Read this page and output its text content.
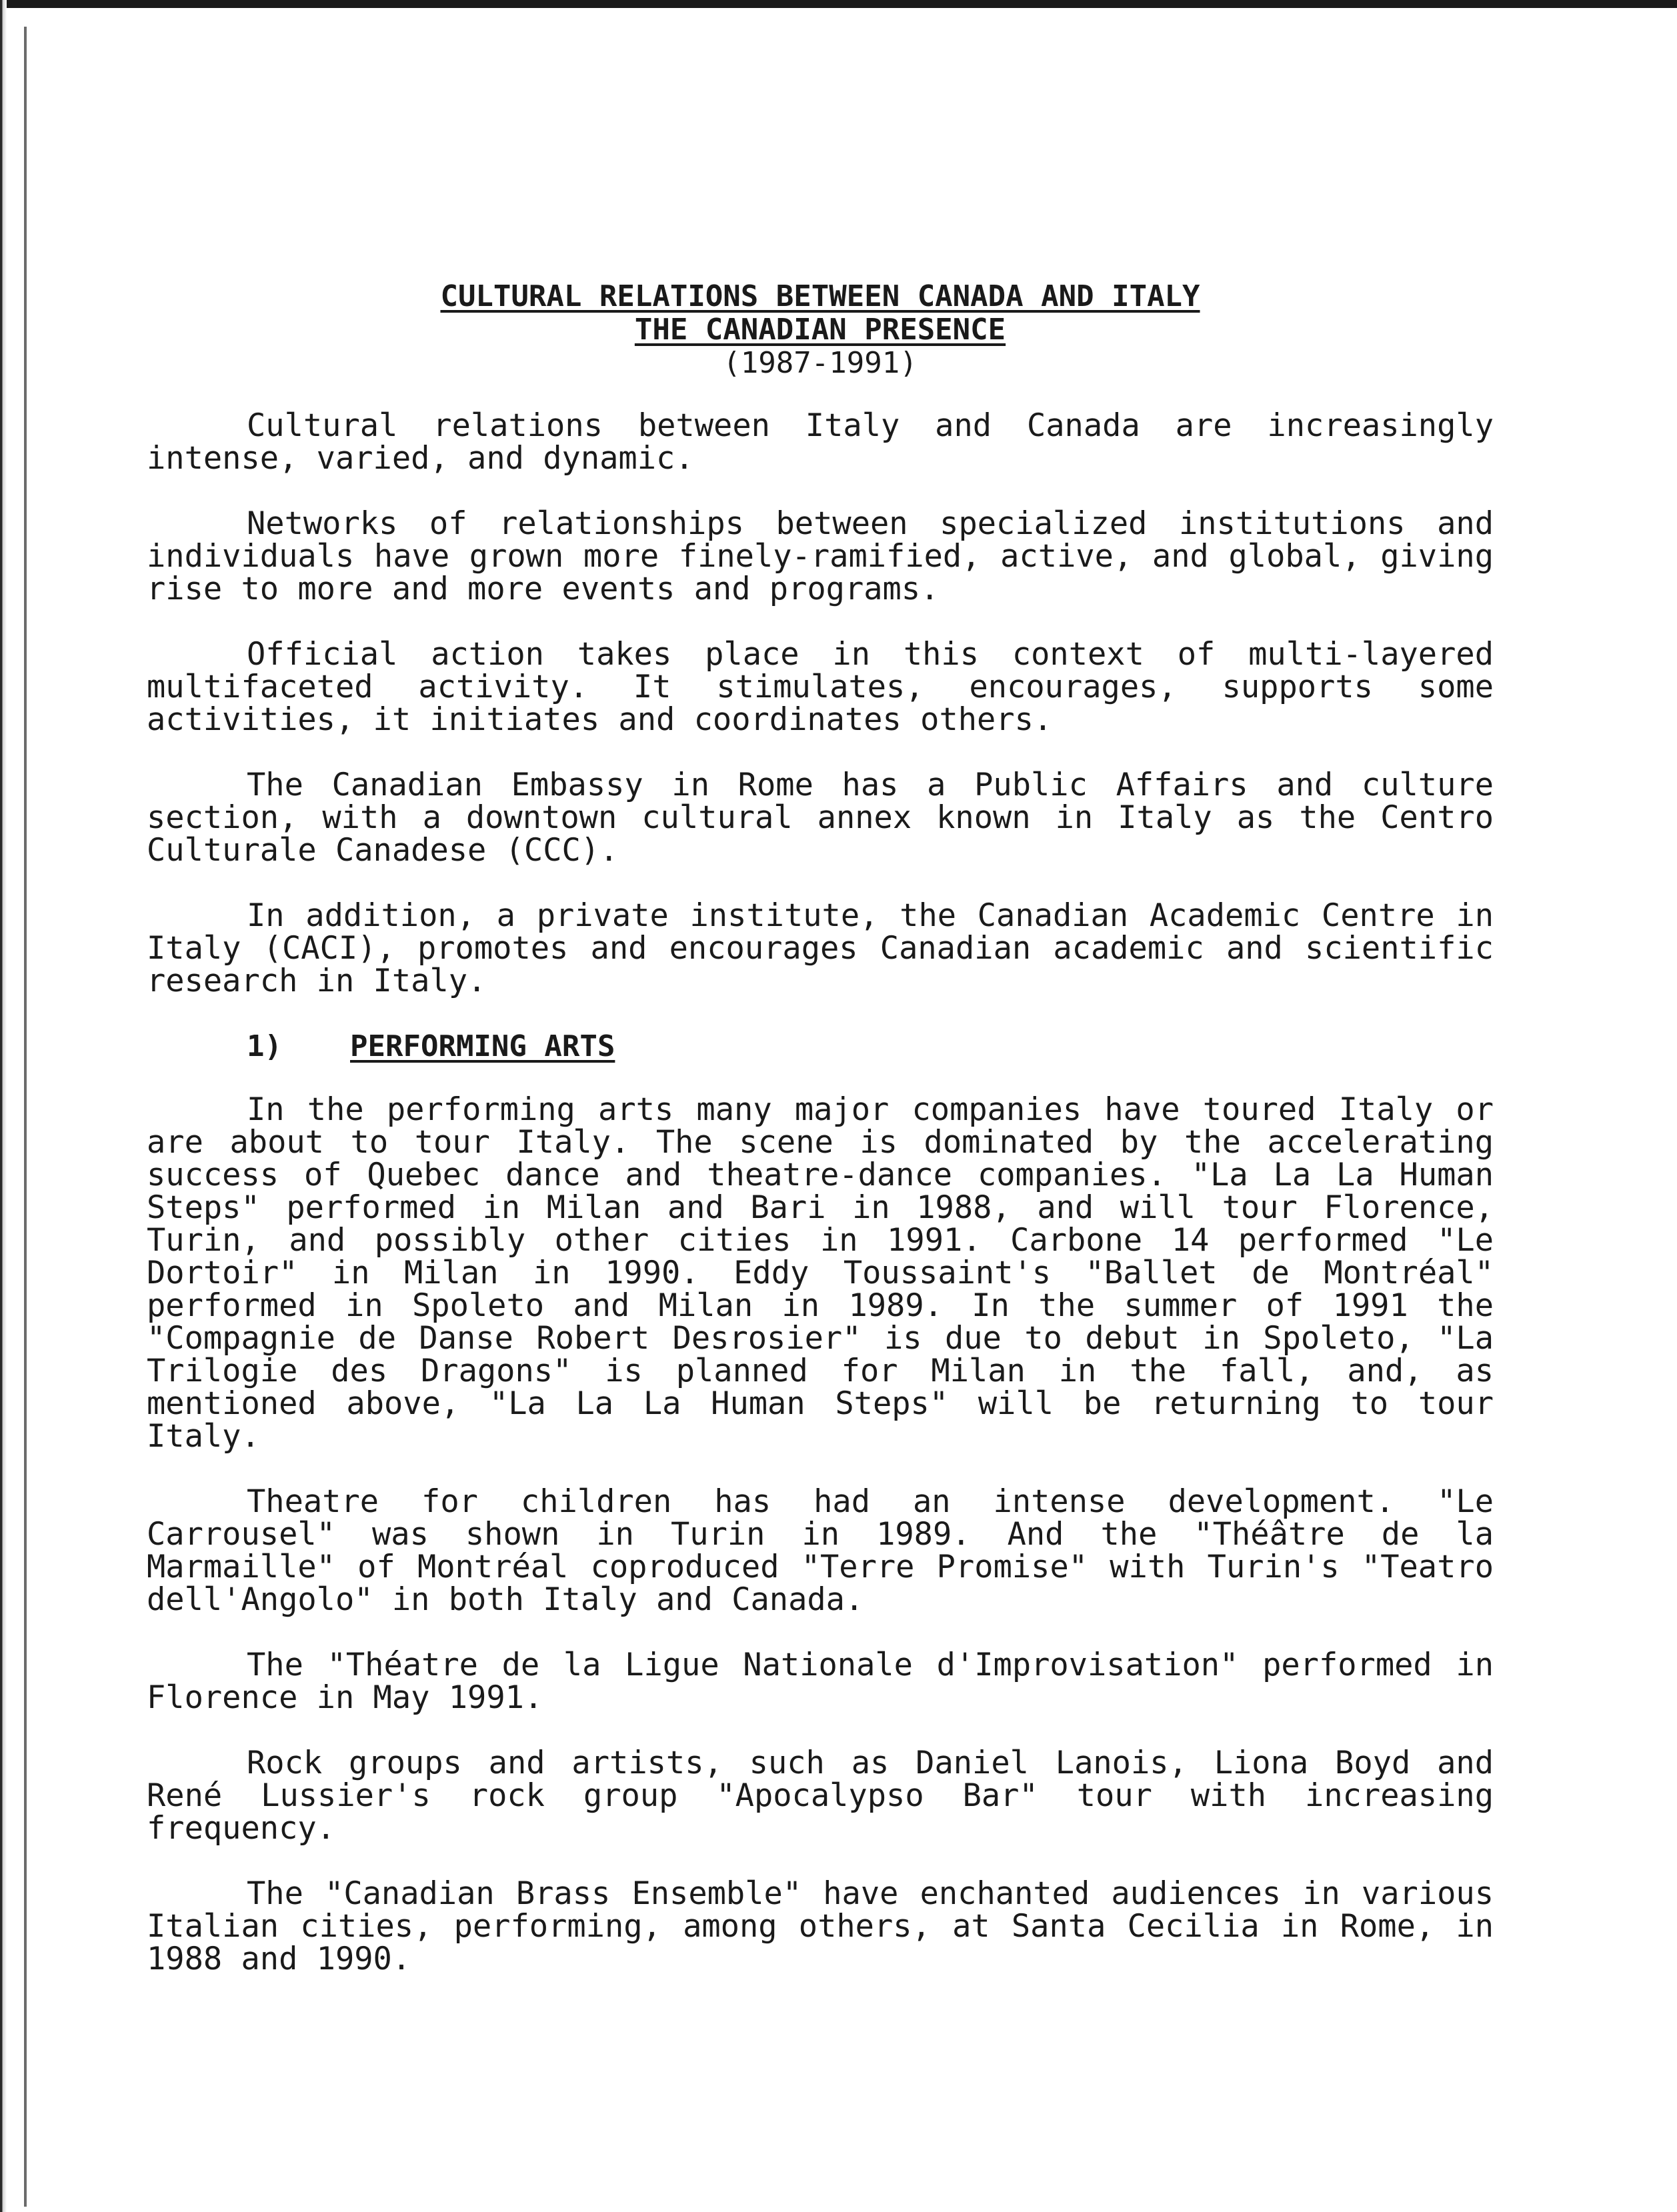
CULTURAL RELATIONS BETWEEN CANADA AND ITALY
THE CANADIAN PRESENCE
(1987-1991)

Cultural relations between Italy and Canada are increasingly intense, varied, and dynamic.

Networks of relationships between specialized institutions and individuals have grown more finely-ramified, active, and global, giving rise to more and more events and programs.

Official action takes place in this context of multi-layered multifaceted activity. It stimulates, encourages, supports some activities, it initiates and coordinates others.

The Canadian Embassy in Rome has a Public Affairs and culture section, with a downtown cultural annex known in Italy as the Centro Culturale Canadese (CCC).

In addition, a private institute, the Canadian Academic Centre in Italy (CACI), promotes and encourages Canadian academic and scientific research in Italy.

1) PERFORMING ARTS

In the performing arts many major companies have toured Italy or are about to tour Italy. The scene is dominated by the accelerating success of Quebec dance and theatre-dance companies. "La La La Human Steps" performed in Milan and Bari in 1988, and will tour Florence, Turin, and possibly other cities in 1991. Carbone 14 performed "Le Dortoir" in Milan in 1990. Eddy Toussaint's "Ballet de Montréal" performed in Spoleto and Milan in 1989. In the summer of 1991 the "Compagnie de Danse Robert Desrosier" is due to debut in Spoleto, "La Trilogie des Dragons" is planned for Milan in the fall, and, as mentioned above, "La La La Human Steps" will be returning to tour Italy.

Theatre for children has had an intense development. "Le Carrousel" was shown in Turin in 1989. And the "Théâtre de la Marmaille" of Montréal coproduced "Terre Promise" with Turin's "Teatro dell'Angolo" in both Italy and Canada.

The "Théatre de la Ligue Nationale d'Improvisation" performed in Florence in May 1991.

Rock groups and artists, such as Daniel Lanois, Liona Boyd and René Lussier's rock group "Apocalypso Bar" tour with increasing frequency.

The "Canadian Brass Ensemble" have enchanted audiences in various Italian cities, performing, among others, at Santa Cecilia in Rome, in 1988 and 1990.
